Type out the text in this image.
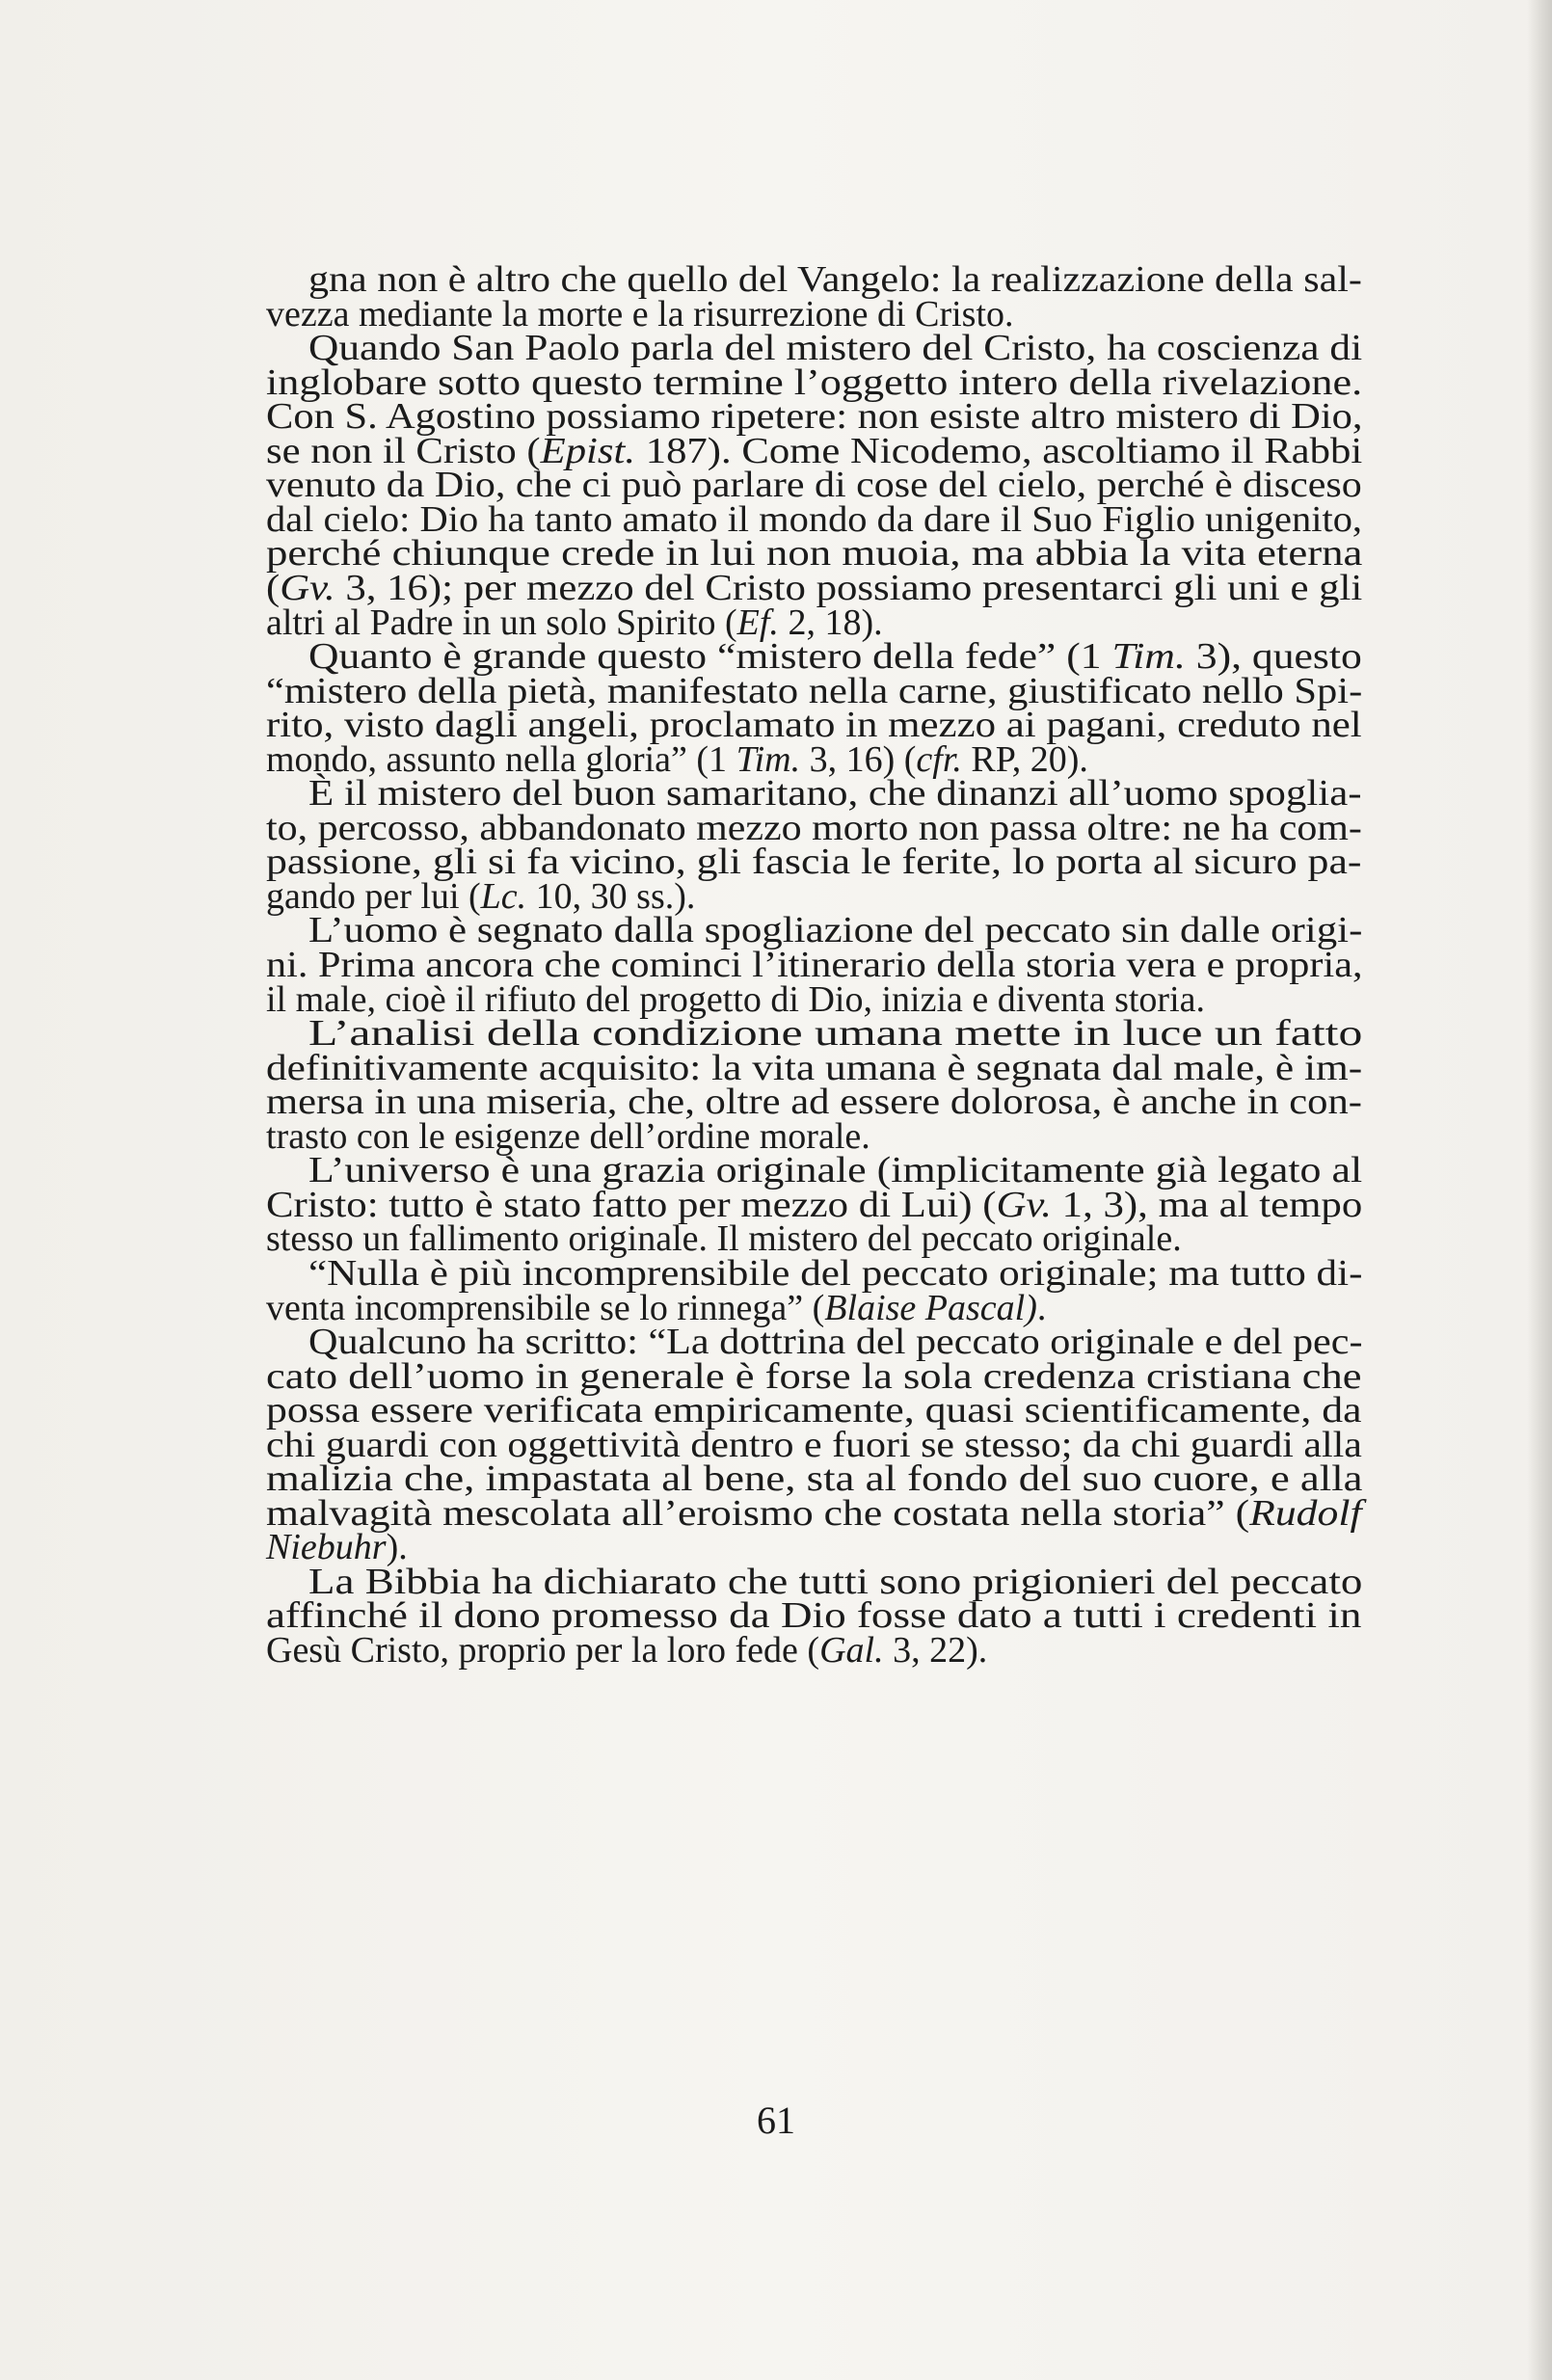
gna non è altro che quello del Vangelo: la realizzazione della sal-
vezza mediante la morte e la risurrezione di Cristo.
Quando San Paolo parla del mistero del Cristo, ha coscienza di
inglobare sotto questo termine l’oggetto intero della rivelazione.
Con S. Agostino possiamo ripetere: non esiste altro mistero di Dio,
se non il Cristo (Epist. 187). Come Nicodemo, ascoltiamo il Rabbi
venuto da Dio, che ci può parlare di cose del cielo, perché è disceso
dal cielo: Dio ha tanto amato il mondo da dare il Suo Figlio unigenito,
perché chiunque crede in lui non muoia, ma abbia la vita eterna
(Gv. 3, 16); per mezzo del Cristo possiamo presentarci gli uni e gli
altri al Padre in un solo Spirito (Ef. 2, 18).
Quanto è grande questo “mistero della fede” (1 Tim. 3), questo
“mistero della pietà, manifestato nella carne, giustificato nello Spi-
rito, visto dagli angeli, proclamato in mezzo ai pagani, creduto nel
mondo, assunto nella gloria” (1 Tim. 3, 16) (cfr. RP, 20).
È il mistero del buon samaritano, che dinanzi all’uomo spoglia-
to, percosso, abbandonato mezzo morto non passa oltre: ne ha com-
passione, gli si fa vicino, gli fascia le ferite, lo porta al sicuro pa-
gando per lui (Lc. 10, 30 ss.).
L’uomo è segnato dalla spogliazione del peccato sin dalle origi-
ni. Prima ancora che cominci l’itinerario della storia vera e propria,
il male, cioè il rifiuto del progetto di Dio, inizia e diventa storia.
L’analisi della condizione umana mette in luce un fatto
definitivamente acquisito: la vita umana è segnata dal male, è im-
mersa in una miseria, che, oltre ad essere dolorosa, è anche in con-
trasto con le esigenze dell’ordine morale.
L’universo è una grazia originale (implicitamente già legato al
Cristo: tutto è stato fatto per mezzo di Lui) (Gv. 1, 3), ma al tempo
stesso un fallimento originale. Il mistero del peccato originale.
“Nulla è più incomprensibile del peccato originale; ma tutto di-
venta incomprensibile se lo rinnega” (Blaise Pascal).
Qualcuno ha scritto: “La dottrina del peccato originale e del pec-
cato dell’uomo in generale è forse la sola credenza cristiana che
possa essere verificata empiricamente, quasi scientificamente, da
chi guardi con oggettività dentro e fuori se stesso; da chi guardi alla
malizia che, impastata al bene, sta al fondo del suo cuore, e alla
malvagità mescolata all’eroismo che costata nella storia” (Rudolf
Niebuhr).
La Bibbia ha dichiarato che tutti sono prigionieri del peccato
affinché il dono promesso da Dio fosse dato a tutti i credenti in
Gesù Cristo, proprio per la loro fede (Gal. 3, 22).
61
